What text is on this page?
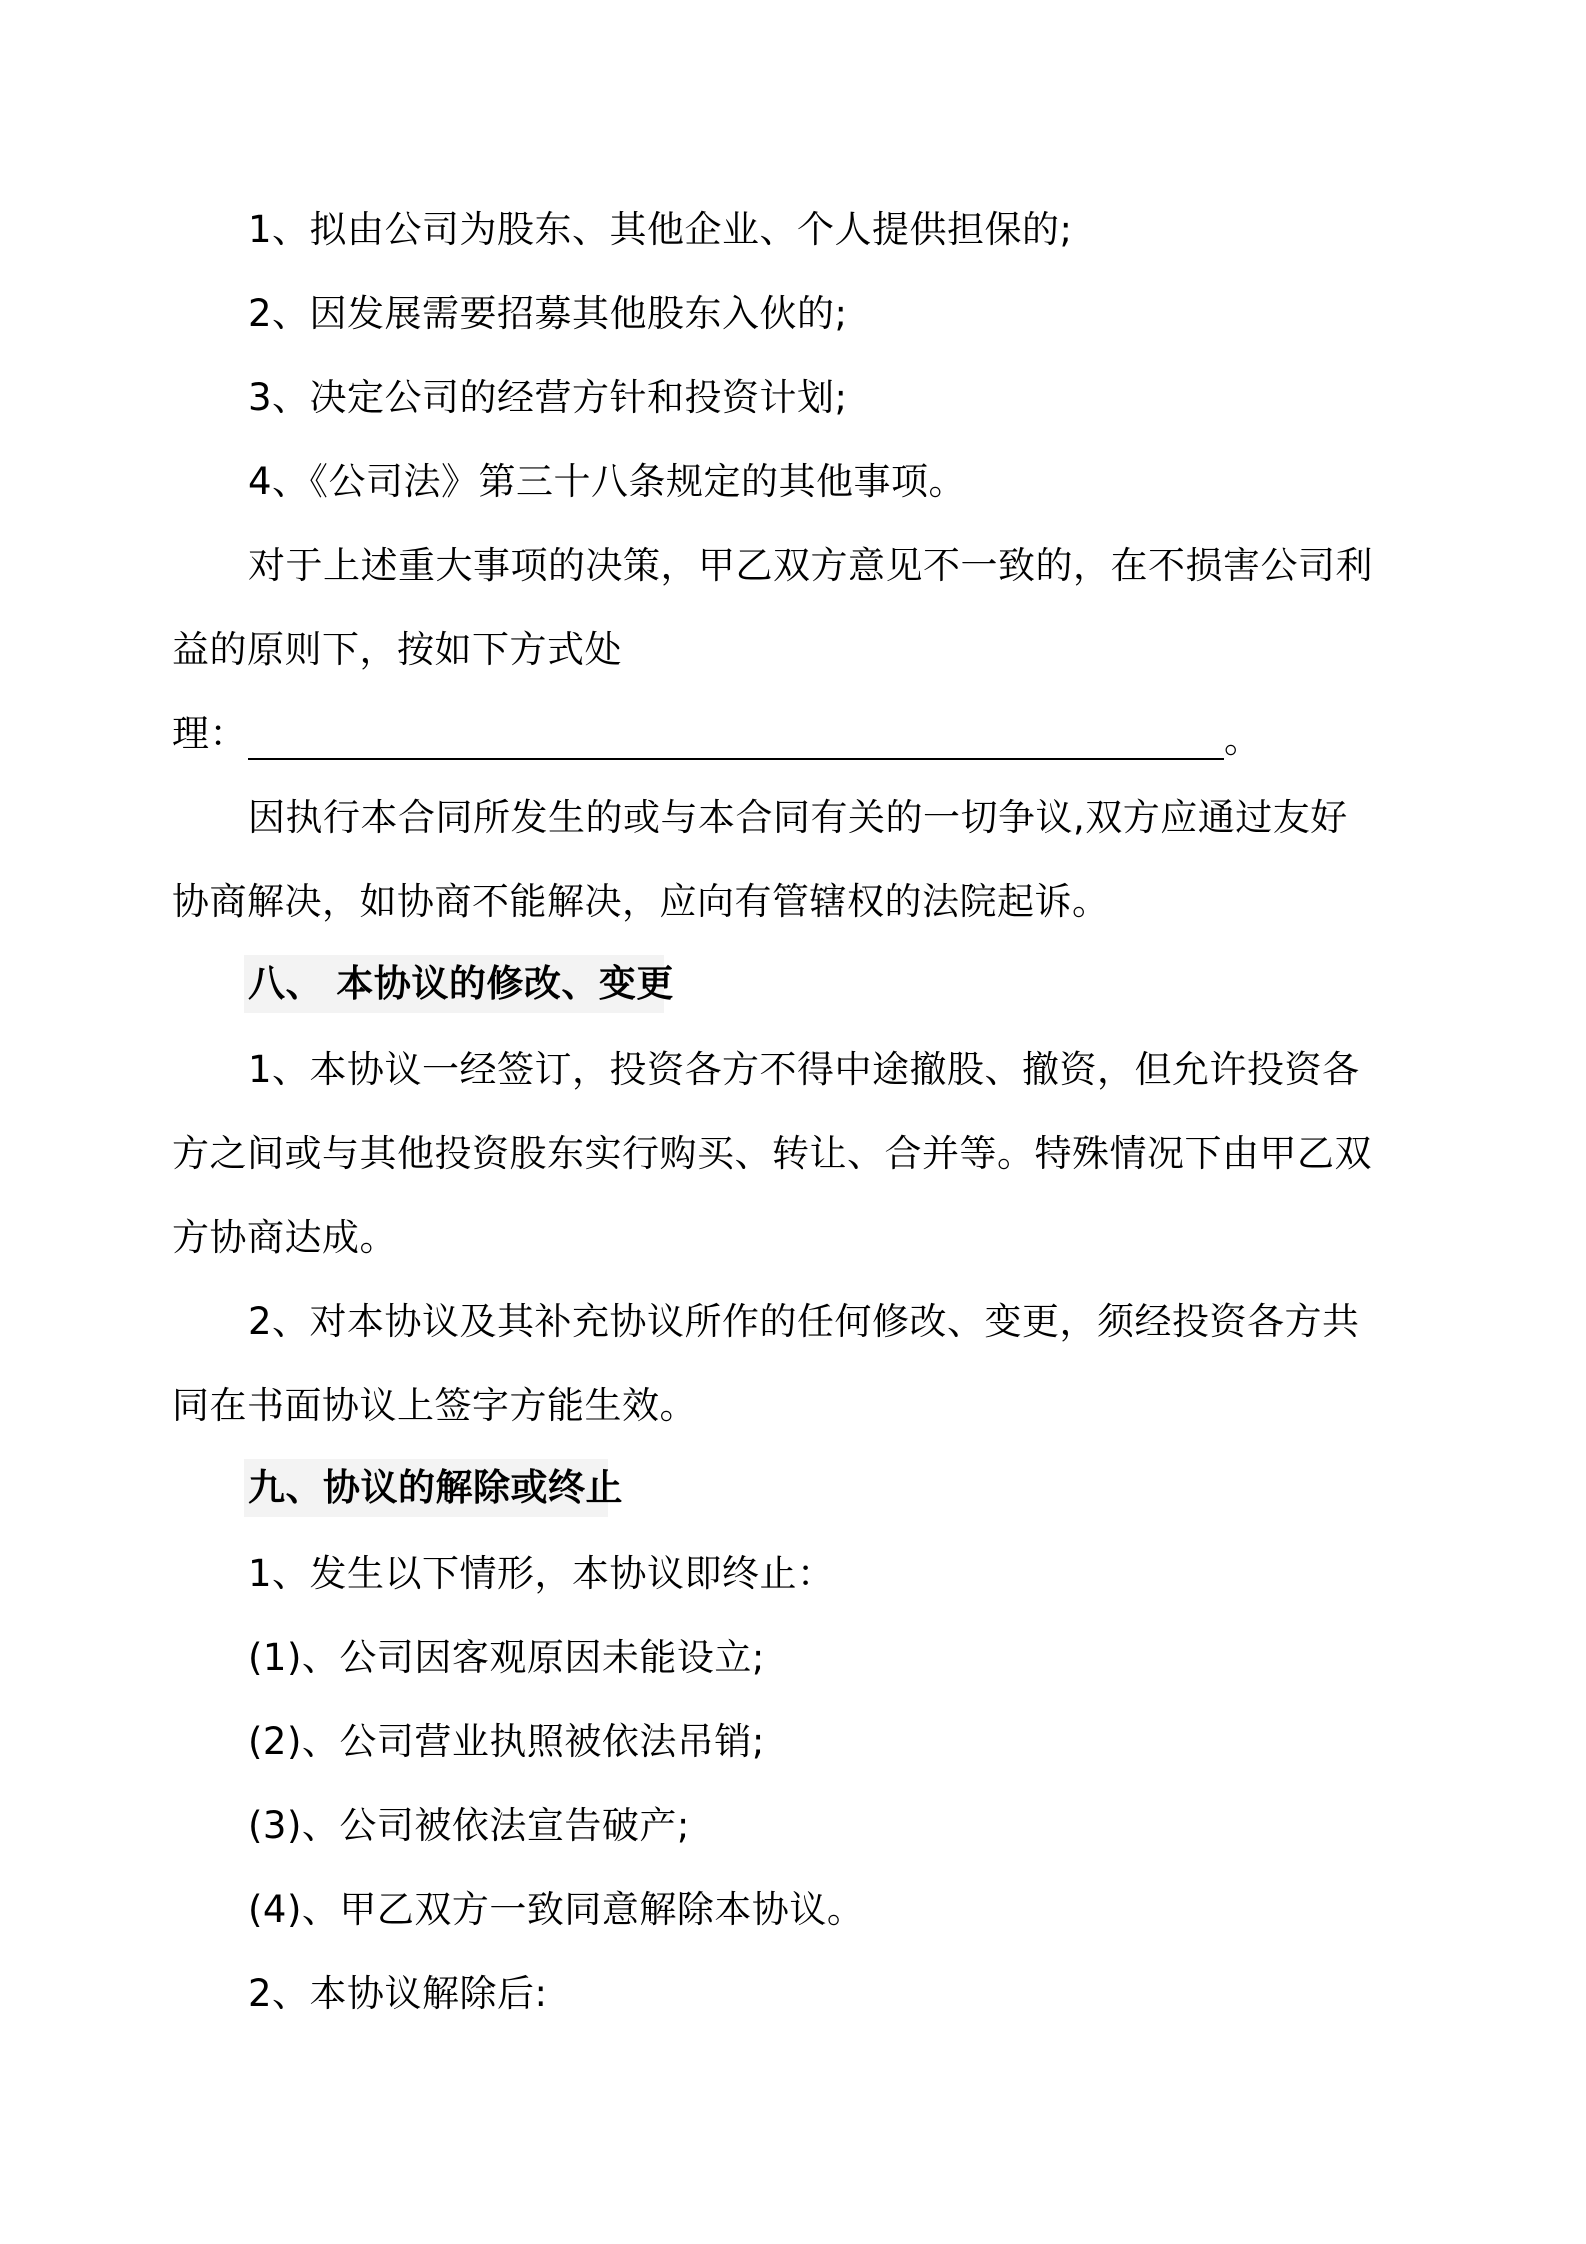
1、拟由公司为股东、其他企业、个人提供担保的;
2、因发展需要招募其他股东入伙的;
3、决定公司的经营方针和投资计划;
4、《公司法》第三十八条规定的其他事项。
对于上述重大事项的决策，甲乙双方意见不一致的，在不损害公司利
益的原则下，按如下方式处
理：	。
因执行本合同所发生的或与本合同有关的一切争议,双方应通过友好
协商解决，如协商不能解决，应向有管辖权的法院起诉。
八、 本协议的修改、变更
1、本协议一经签订，投资各方不得中途撤股、撤资，但允许投资各
方之间或与其他投资股东实行购买、转让、合并等。特殊情况下由甲乙双
方协商达成。
2、对本协议及其补充协议所作的任何修改、变更，须经投资各方共
同在书面协议上签字方能生效。
九、协议的解除或终止
1、发生以下情形，本协议即终止：
(1)、公司因客观原因未能设立;
(2)、公司营业执照被依法吊销;
(3)、公司被依法宣告破产;
(4)、甲乙双方一致同意解除本协议。
2、本协议解除后:
